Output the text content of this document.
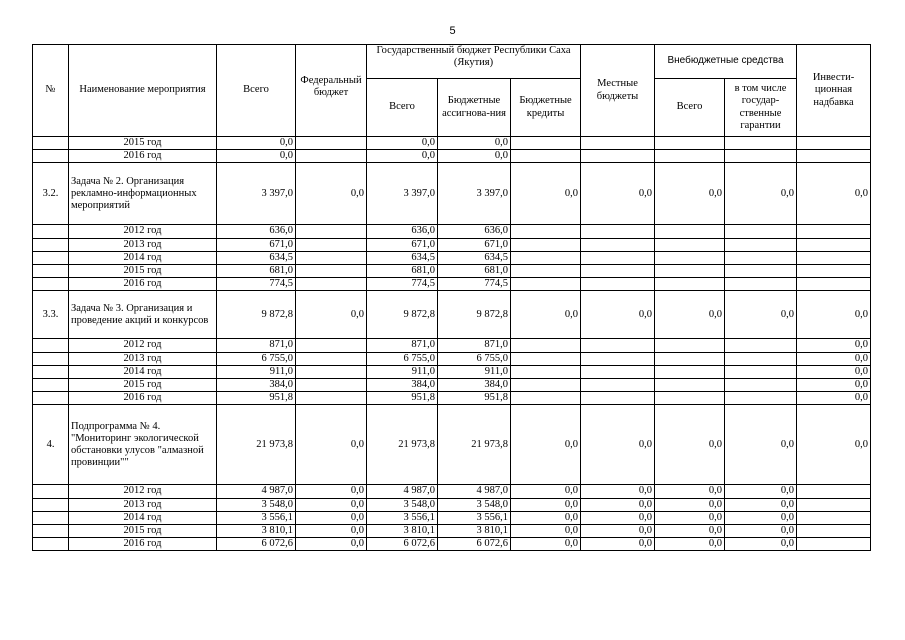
5
№	Наименование мероприятия	Всего	Федеральный бюджет	Государственный бюджет Республики Саха (Якутия)			Местные бюджеты	Внебюджетные средства		Инвести-ционная надбавка
				Всего	Бюджетные ассигнова-ния	Бюджетные кредиты		Всего	в том числе государ-ственные гарантии	
	2015 год	0,0		0,0	0,0					
	2016 год	0,0		0,0	0,0					
3.2.	Задача № 2. Организация рекламно-информационных мероприятий	3 397,0	0,0	3 397,0	3 397,0	0,0	0,0	0,0	0,0	0,0
	2012 год	636,0		636,0	636,0					
	2013 год	671,0		671,0	671,0					
	2014 год	634,5		634,5	634,5					
	2015 год	681,0		681,0	681,0					
	2016 год	774,5		774,5	774,5					
3.3.	Задача № 3. Организация и проведение акций и конкурсов	9 872,8	0,0	9 872,8	9 872,8	0,0	0,0	0,0	0,0	0,0
	2012 год	871,0		871,0	871,0					0,0
	2013 год	6 755,0		6 755,0	6 755,0					0,0
	2014 год	911,0		911,0	911,0					0,0
	2015 год	384,0		384,0	384,0					0,0
	2016 год	951,8		951,8	951,8					0,0
4.	Подпрограмма № 4. "Мониторинг экологической обстановки улусов "алмазной провинции""	21 973,8	0,0	21 973,8	21 973,8	0,0	0,0	0,0	0,0	0,0
	2012 год	4 987,0	0,0	4 987,0	4 987,0	0,0	0,0	0,0	0,0	
	2013 год	3 548,0	0,0	3 548,0	3 548,0	0,0	0,0	0,0	0,0	
	2014 год	3 556,1	0,0	3 556,1	3 556,1	0,0	0,0	0,0	0,0	
	2015 год	3 810,1	0,0	3 810,1	3 810,1	0,0	0,0	0,0	0,0	
	2016 год	6 072,6	0,0	6 072,6	6 072,6	0,0	0,0	0,0	0,0	
